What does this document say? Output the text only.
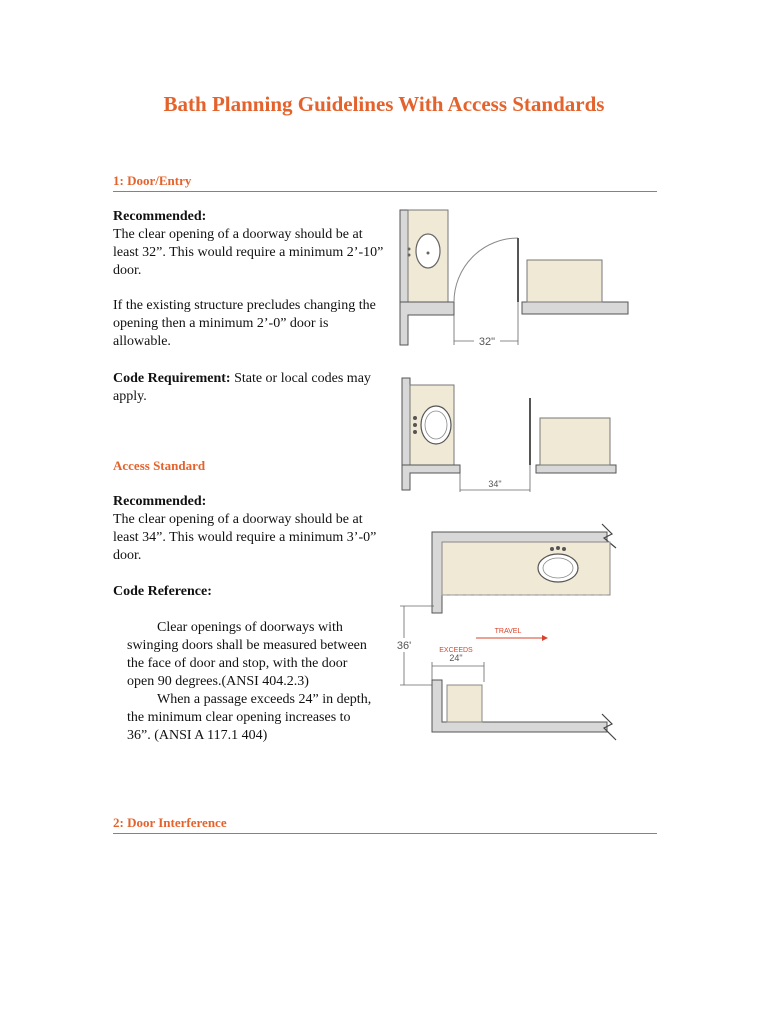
Bath Planning Guidelines With Access Standards
1: Door/Entry
Recommended:
The clear opening of a doorway should be at least 32”. This would require a minimum 2’-10” door.
If the existing structure precludes changing the opening then a minimum 2’-0” door is allowable.
Code Requirement: State or local codes may apply.
Access Standard
Recommended:
The clear opening of a doorway should be at least 34”. This would require a minimum 3’-0” door.
Code Reference:

Clear openings of doorways with swinging doors shall be measured between the face of door and stop, with the door open 90 degrees.(ANSI 404.2.3)

When a passage exceeds 24” in depth, the minimum clear opening increases to 36”. (ANSI A 117.1 404)

2: Door Interference
32"
34"
36'
TRAVEL
EXCEEDS
24"
